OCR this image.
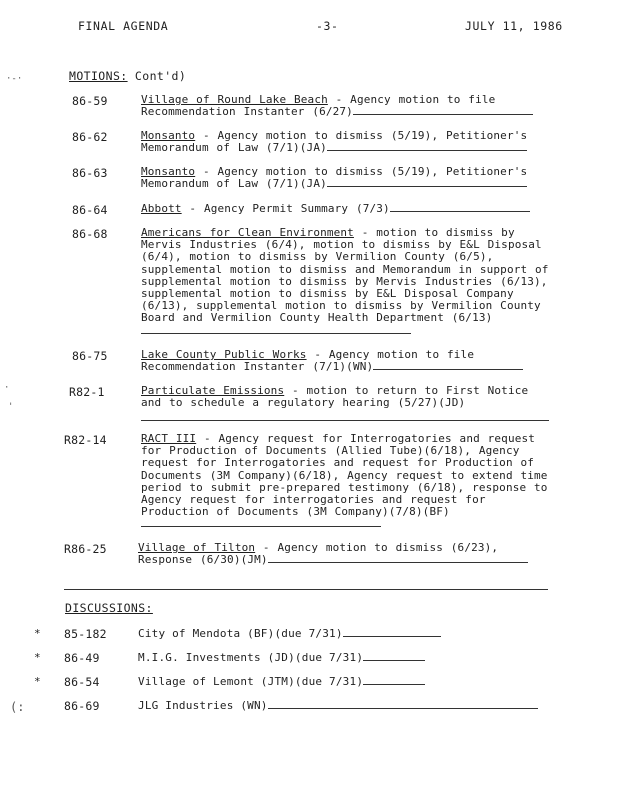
FINAL AGENDA	-3-	JULY 11, 1986
·-·
·
'
(:
MOTIONS: Cont'd)
86-59	Village of Round Lake Beach - Agency motion to file Recommendation Instanter (6/27)
86-62	Monsanto - Agency motion to dismiss (5/19), Petitioner's Memorandum of Law (7/1)(JA)
86-63	Monsanto - Agency motion to dismiss (5/19), Petitioner's Memorandum of Law (7/1)(JA)
86-64	Abbott - Agency Permit Summary (7/3)
86-68	Americans for Clean Environment - motion to dismiss by Mervis Industries (6/4), motion to dismiss by E&L Disposal (6/4), motion to dismiss by Vermilion County (6/5), supplemental motion to dismiss and Memorandum in support of supplemental motion to dismiss by Mervis Industries (6/13), supplemental motion to dismiss by E&L Disposal Company (6/13), supplemental motion to dismiss by Vermilion County Board and Vermilion County Health Department (6/13)
86-75	Lake County Public Works - Agency motion to file Recommendation Instanter (7/1)(WN)
R82-1	Particulate Emissions - motion to return to First Notice and to schedule a regulatory hearing (5/27)(JD)
R82-14	RACT III - Agency request for Interrogatories and request for Production of Documents (Allied Tube)(6/18), Agency request for Interrogatories and request for Production of Documents (3M Company)(6/18), Agency request to extend time period to submit pre-prepared testimony (6/18), response to Agency request for interrogatories and request for Production of Documents (3M Company)(7/8)(BF)
R86-25	Village of Tilton - Agency motion to dismiss (6/23), Response (6/30)(JM)
DISCUSSIONS:
* 85-182	City of Mendota (BF)(due 7/31)
* 86-49	M.I.G. Investments (JD)(due 7/31)
* 86-54	Village of Lemont (JTM)(due 7/31)
86-69	JLG Industries (WN)
